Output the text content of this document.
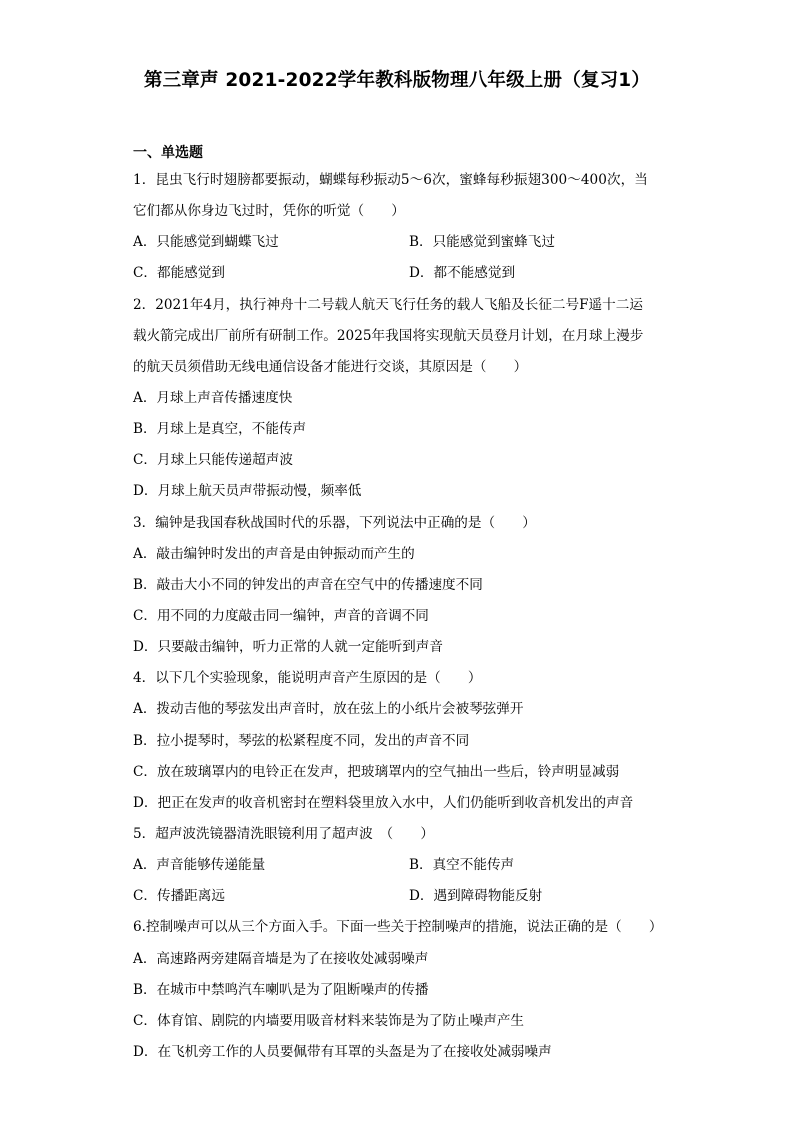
第三章声 2021-2022学年教科版物理八年级上册（复习1）
一、单选题
1．昆虫飞行时翅膀都要振动，蝴蝶每秒振动5～6次，蜜蜂每秒振翅300～400次，当
它们都从你身边飞过时，凭你的听觉（　　）
A．只能感觉到蝴蝶飞过	B．只能感觉到蜜蜂飞过
C．都能感觉到	D．都不能感觉到
2．2021年4月，执行神舟十二号载人航天飞行任务的载人飞船及长征二号F遥十二运
载火箭完成出厂前所有研制工作。2025年我国将实现航天员登月计划，在月球上漫步
的航天员须借助无线电通信设备才能进行交谈，其原因是（　　）
A．月球上声音传播速度快
B．月球上是真空，不能传声
C．月球上只能传递超声波
D．月球上航天员声带振动慢，频率低
3．编钟是我国春秋战国时代的乐器，下列说法中正确的是（　　）
A．敲击编钟时发出的声音是由钟振动而产生的
B．敲击大小不同的钟发出的声音在空气中的传播速度不同
C．用不同的力度敲击同一编钟，声音的音调不同
D．只要敲击编钟，听力正常的人就一定能听到声音
4．以下几个实验现象，能说明声音产生原因的是（　　）
A．拨动吉他的琴弦发出声音时，放在弦上的小纸片会被琴弦弹开
B．拉小提琴时，琴弦的松紧程度不同，发出的声音不同
C．放在玻璃罩内的电铃正在发声，把玻璃罩内的空气抽出一些后，铃声明显减弱
D．把正在发声的收音机密封在塑料袋里放入水中，人们仍能听到收音机发出的声音
5．超声波洗镜器清洗眼镜利用了超声波　（　　）
A．声音能够传递能量	B．真空不能传声
C．传播距离远	D．遇到障碍物能反射
6.控制噪声可以从三个方面入手。下面一些关于控制噪声的措施，说法正确的是（　　）
A．高速路两旁建隔音墙是为了在接收处减弱噪声
B．在城市中禁鸣汽车喇叭是为了阻断噪声的传播
C．体育馆、剧院的内墙要用吸音材料来装饰是为了防止噪声产生
D．在飞机旁工作的人员要佩带有耳罩的头盔是为了在接收处减弱噪声
